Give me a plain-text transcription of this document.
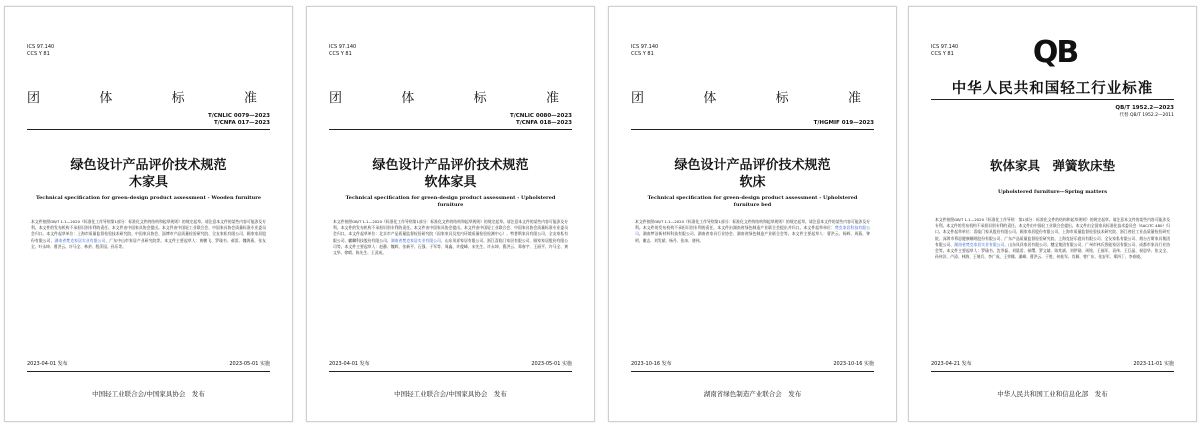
ICS 97.140
CCS Y 81
团	体	标	准
T/CNLIC 0079—2023
T/CNFA 017—2023
绿色设计产品评价技术规范
木家具
Technical specification for green-design product assessment - Wooden furniture
本文件按照GB/T 1.1—2020《标准化工作导则第1部分：标准化文件的结构和起草规则》的规定起草。请注意本文件的某些内容可能涉及专利。本文件的发布机构不承担识别专利的责任。本文件由中国家具协会提出。本文件由中国轻工业联合会、中国家具协会质量标准专业委员会归口。本文件起草单位：上海市质量监督检验技术研究院、中国家具协会、淄博市产品质量检验研究院、全友家私有限公司、顾家家居股份有限公司、湖南省梵克家居实业有限公司、广东中山市家居产业研究院等。本文件主要起草人：黄鹏飞、罗瑜书、郝雷、魏海燕、张友全、叶永坤、曹洪云、许马全、林余、程萍国、孙乐等。
2023-04-01 发布	2023-05-01 实施
中国轻工业联合会/中国家具协会　发布
ICS 97.140
CCS Y 81
团	体	标	准
T/CNLIC 0080—2023
T/CNFA 018—2023
绿色设计产品评价技术规范
软体家具
Technical specification for green-design product assessment - Upholstered furniture
本文件按照GB/T 1.1—2020《标准化工作导则第1部分：标准化文件的结构和起草规则》的规定起草。请注意本文件的某些内容可能涉及专利。本文件的发布机构不承担识别专利的责任。本文件由中国家具协会提出。本文件由中国轻工业联合会、中国家具协会质量标准专业委员会归口。本文件起草单位：北京市产品质量监督检验研究院（国家家具及室内环境质量检验检测中心）、特普斯家具有限公司、全友家私有限公司、麒麟科技股份有限公司、湖南省梵克家居实业有限公司、山东凤祥家居有限公司、浙江喜临门家居有限公司、顾家家居股份有限公司等。本文件主要起草人：赵静、魏辉、张新平、石强、于军等、周鑫、许俊峰、宋先生、许永坤、曹洪云、郑春宇、王丽平、许马全、黄文华、徐晴、陈先生、王武成。
2023-04-01 发布	2023-05-01 实施
中国轻工业联合会/中国家具协会　发布
ICS 97.140
CCS Y 81
团	体	标	准
T/HGMIF 019—2023
绿色设计产品评价技术规范
软床
Technical specification for green-design product assessment - Upholstered furniture bed
本文件按照GB/T 1.1—2020《标准化工作导则第1部分：标准化文件的结构和起草规则》的规定起草。请注意本文件的某些内容可能涉及专利。本文件的发布机构不承担识别专利的责任。本文件由湖南省绿色制造产业联合会提出并归口。本文件起草单位：梵克家居科技有限公司、湖南梦洁新材料科技有限公司、湖南省家具行业协会、湖南省绿色制造产业联合会等。本文件主要起草人：曹洪云、杨辉、周燕、钟明、谢志、刘发斌、杨丹、张冰、唐伟。
2023-10-16 发布	2023-10-16 实施
湖南省绿色制造产业联合会　发布
ICS 97.140
CCS Y 81	QB
中华人民共和国轻工行业标准
QB/T 1952.2—2023
代替 QB/T 1952.2—2011
软体家具　弹簧软床垫
Upholstered furniture—Spring matters
本文件按照GB/T 1.1—2020《标准化工作导则　第1部分：标准化文件的结构和起草规则》的规定起草。请注意本文件的某些内容可能涉及专利。本文件的发布机构不承担识别专利的责任。本文件由中国轻工业联合会提出。本文件由全国家具标准化技术委员会（SAC/TC 480）归口。本文件起草单位：喜临门家具股份有限公司、顾家家居股份有限公司、上海市质量监督检验技术研究院、浙江省轻工业品质量检验研究院、深圳市慕思健康睡眠股份有限公司、广东产品质量监督检验研究院、上海克舒乐寝具有限公司、全友家私有限公司、烟台吉斯家具集团有限公司、湖南省梵克家居实业有限公司、山东凤祥家居有限公司、穗宝集团有限公司、广州市林氏智能家居有限公司、成都市家具行业协会等。本文件主要起草人：罗瑜书、沈岑磊、刘晨雷、郝缨、罗文婧、陈兆斌、刘伊勋、周铭、王福军、袁伟、王巨晶、祝思华、张文全、孙伟洋、卢清、林海、王绪兵、李广成、王荣娜、潘峰、曹洪云、于胜、何桂军、肖颖、曾广东、张安军、郑四丁、李春晓。
2023-04-21 发布	2023-11-01 实施
中华人民共和国工业和信息化部　发布
